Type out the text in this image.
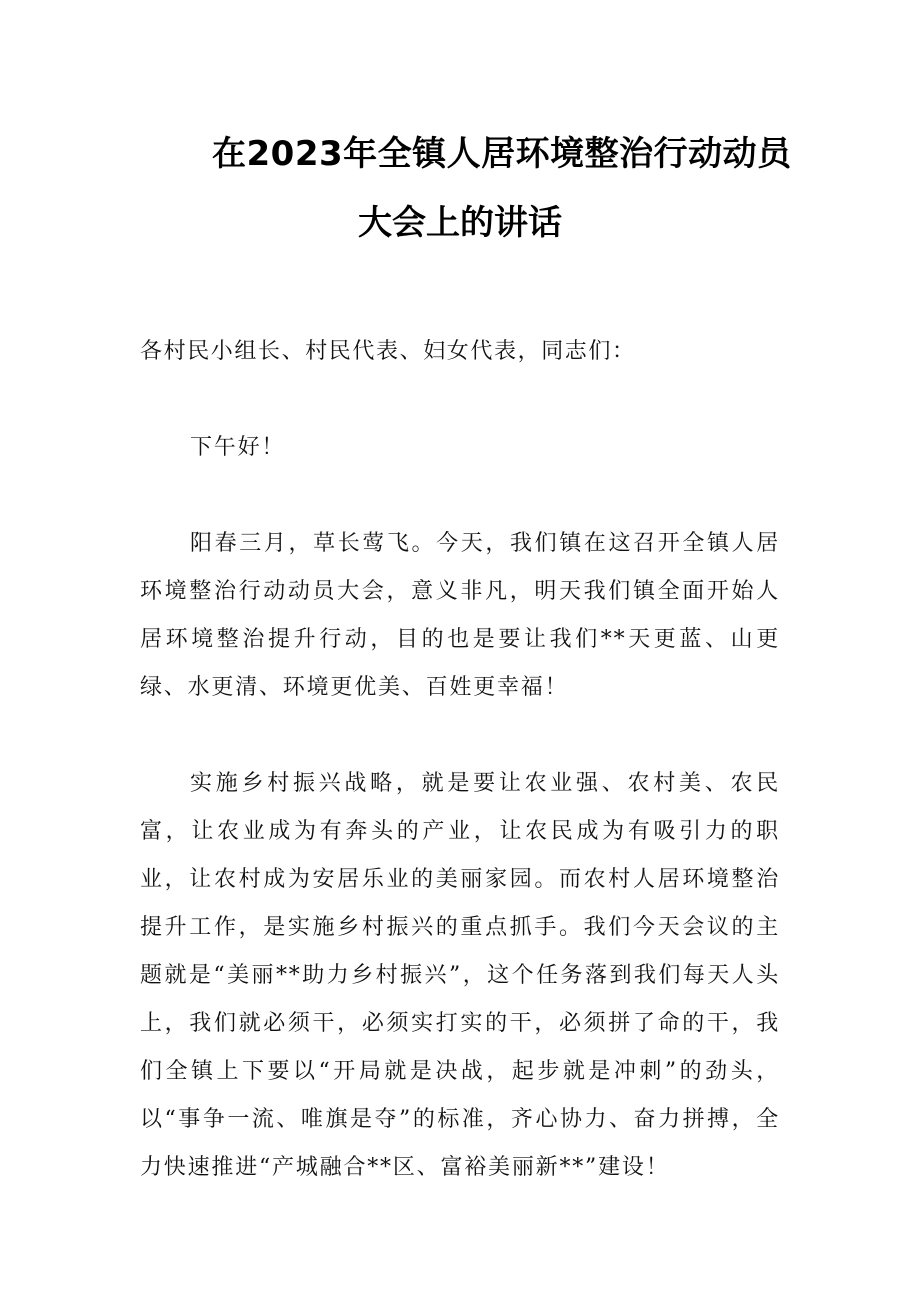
在2023年全镇人居环境整治行动动员
大会上的讲话
各村民小组长、村民代表、妇女代表，同志们：

下午好！

阳春三月，草长莺飞。今天，我们镇在这召开全镇人居环境整治行动动员大会，意义非凡，明天我们镇全面开始人居环境整治提升行动，目的也是要让我们**天更蓝、山更绿、水更清、环境更优美、百姓更幸福！

实施乡村振兴战略，就是要让农业强、农村美、农民富，让农业成为有奔头的产业，让农民成为有吸引力的职业，让农村成为安居乐业的美丽家园。而农村人居环境整治提升工作，是实施乡村振兴的重点抓手。我们今天会议的主题就是“美丽**助力乡村振兴”，这个任务落到我们每天人头上，我们就必须干，必须实打实的干，必须拼了命的干，我们全镇上下要以“开局就是决战，起步就是冲刺”的劲头，以“事争一流、唯旗是夺”的标准，齐心协力、奋力拼搏，全力快速推进“产城融合**区、富裕美丽新**”建设！
